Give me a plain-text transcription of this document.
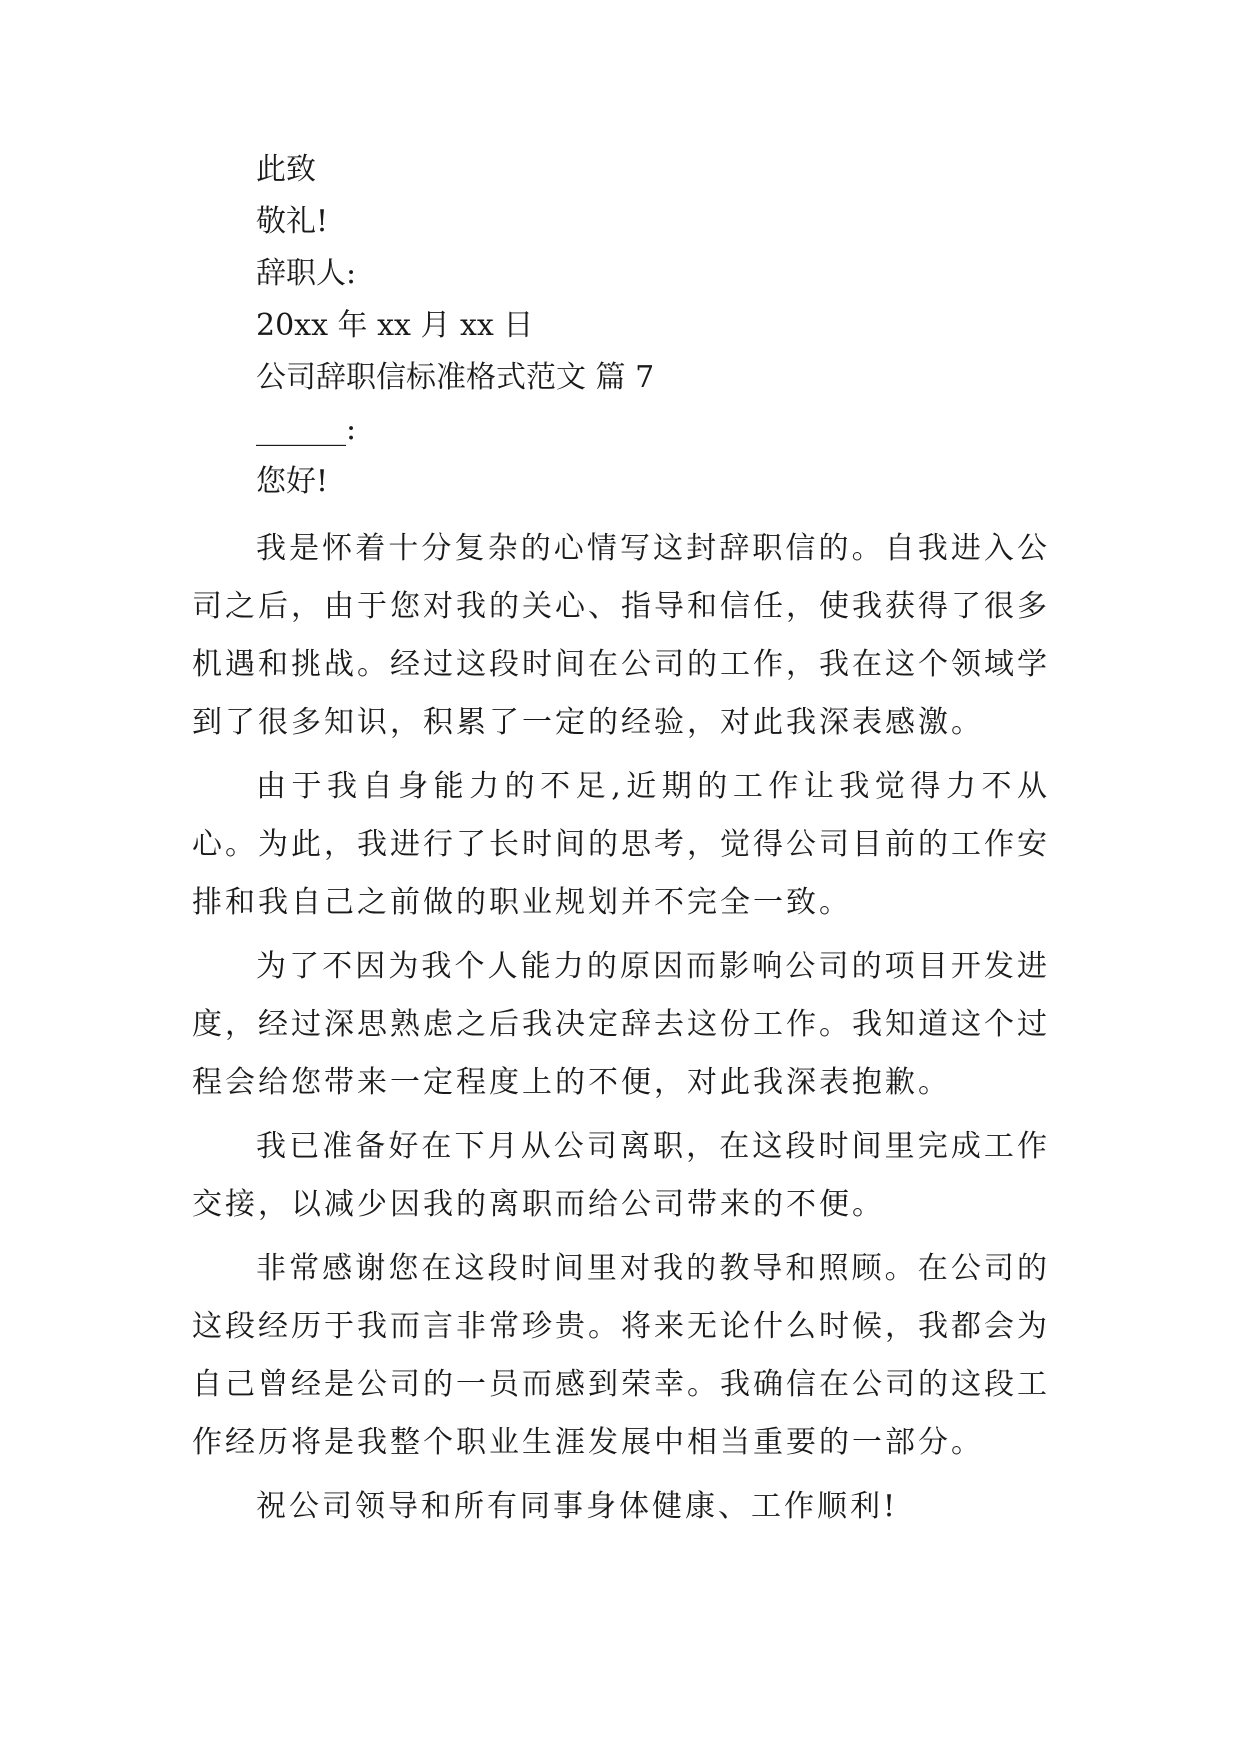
此致
敬礼!
辞职人:
20xx 年 xx 月 xx 日
公司辞职信标准格式范文 篇 7
______:
您好!
我是怀着十分复杂的心情写这封辞职信的。自我进入公司之后，由于您对我的关心、指导和信任，使我获得了很多机遇和挑战。经过这段时间在公司的工作，我在这个领域学到了很多知识，积累了一定的经验，对此我深表感激。
由于我自身能力的不足,近期的工作让我觉得力不从心。为此，我进行了长时间的思考，觉得公司目前的工作安排和我自己之前做的职业规划并不完全一致。
为了不因为我个人能力的原因而影响公司的项目开发进度，经过深思熟虑之后我决定辞去这份工作。我知道这个过程会给您带来一定程度上的不便，对此我深表抱歉。
我已准备好在下月从公司离职，在这段时间里完成工作交接，以减少因我的离职而给公司带来的不便。
非常感谢您在这段时间里对我的教导和照顾。在公司的这段经历于我而言非常珍贵。将来无论什么时候，我都会为自己曾经是公司的一员而感到荣幸。我确信在公司的这段工作经历将是我整个职业生涯发展中相当重要的一部分。
祝公司领导和所有同事身体健康、工作顺利!
